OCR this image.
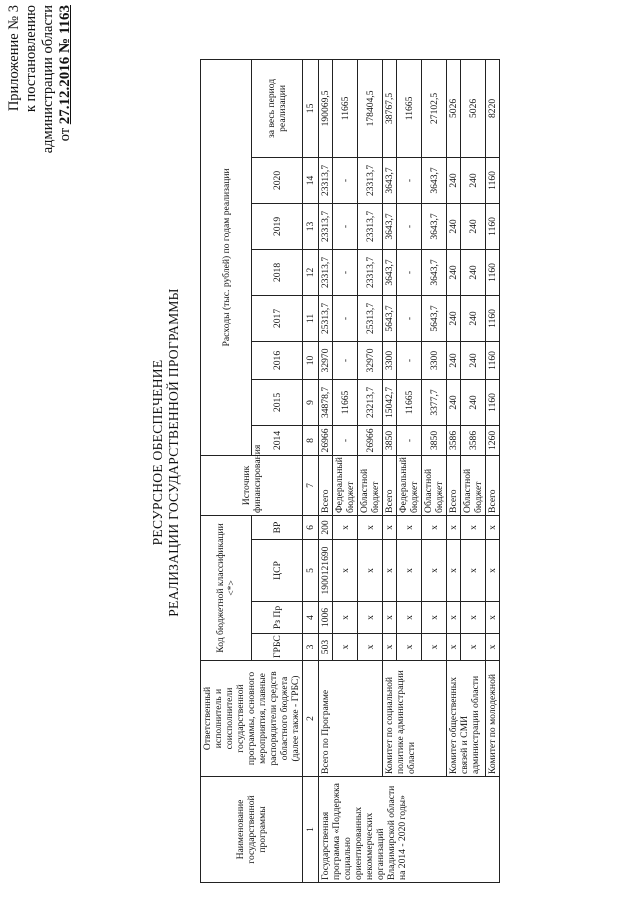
Приложение № 3 к постановлению администрации области от 27.12.2016 № 1163
РЕСУРСНОЕ ОБЕСПЕЧЕНИЕ РЕАЛИЗАЦИИ ГОСУДАРСТВЕННОЙ ПРОГРАММЫ
Наименование государственной программы	Ответственный исполнитель и соисполнители государственной программы, основного мероприятия, главные распорядители средств областного бюджета (далее также - ГРБС)	Код бюджетной классификации <*>				Источник финансирования	Расходы (тыс. рублей) по годам реализации							
		ГРБС	Рз Пр	ЦСР	ВР		2014	2015	2016	2017	2018	2019	2020	за весь период реализации
1	2	3	4	5	6	7	8	9	10	11	12	13	14	15
Государственная программа «Поддержка социально ориентированных некоммерческих организаций Владимирской области на 2014 - 2020 годы»	Всего по Программе	503	1006	1900121690	200	Всего	26966	34878,7	32970	25313,7	23313,7	23313,7	23313,7	190069,5
		x	x	x	x	Федеральный бюджет	-	11665	-	-	-	-	-	11665
		x	x	x	x	Областной бюджет	26966	23213,7	32970	25313,7	23313,7	23313,7	23313,7	178404,5
	Комитет по социальной политике администрации области	x	x	x	x	Всего	3850	15042,7	3300	5643,7	3643,7	3643,7	3643,7	38767,5
		x	x	x	x	Федеральный бюджет	-	11665	-	-	-	-	-	11665
		x	x	x	x	Областной бюджет	3850	3377,7	3300	5643,7	3643,7	3643,7	3643,7	27102,5
	Комитет общественных связей и СМИ администрации области	x	x	x	x	Всего	3586	240	240	240	240	240	240	5026
		x	x	x	x	Областной бюджет	3586	240	240	240	240	240	240	5026
	Комитет по молодежной	x	x	x	x	Всего	1260	1160	1160	1160	1160	1160	1160	8220
